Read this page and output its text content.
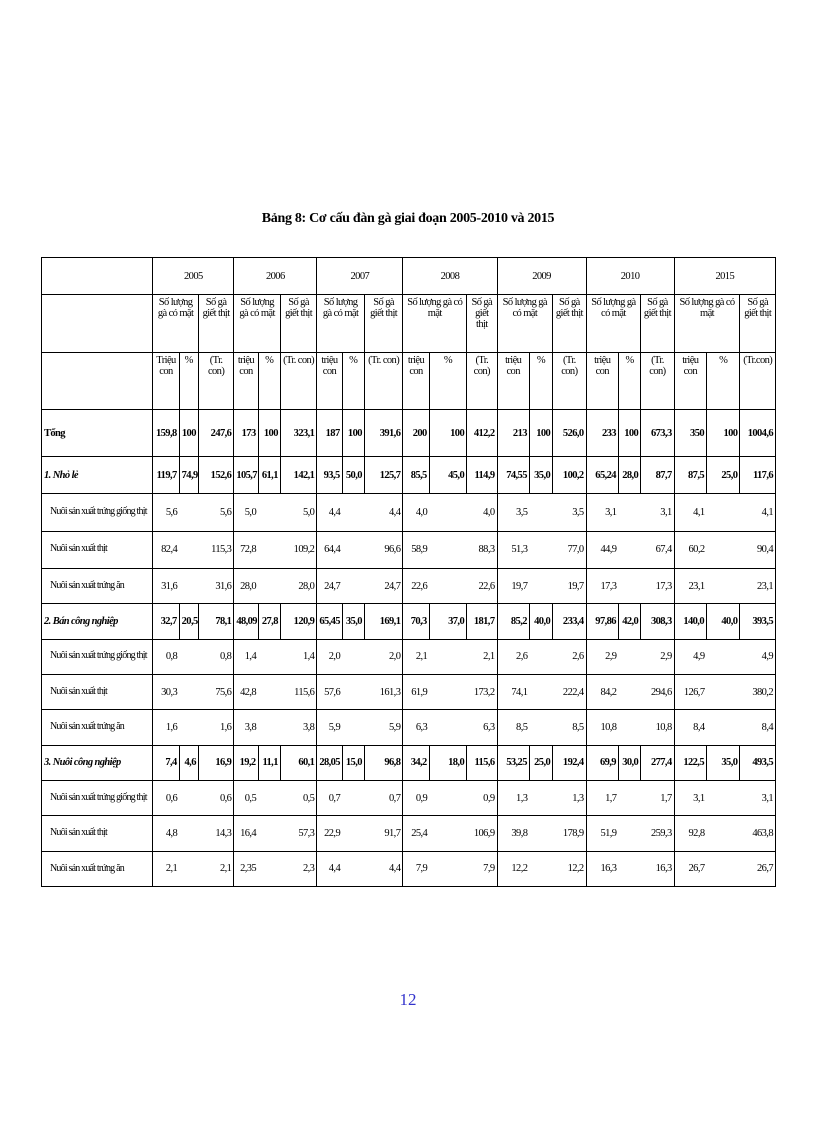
Bảng 8: Cơ cấu đàn gà giai đoạn 2005-2010 và 2015
	2005			2006			2007			2008			2009			2010			2015		
	Số lượng gà có mặt		Số gà giết thịt	Số lượng gà có mặt		Số gà giết thịt	Số lượng gà có mặt		Số gà giết thịt	Số lượng gà có mặt		Số gà giết thịt	Số lượng gà có mặt		Số gà giết thịt	Số lượng gà có mặt		Số gà giết thịt	Số lượng gà có mặt		Số gà giết thịt
	Triệu con	%	(Tr. con)	triệu con	%	(Tr. con)	triệu con	%	(Tr. con)	triệu con	%	(Tr. con)	triệu con	%	(Tr. con)	triệu con	%	(Tr. con)	triệu con	%	(Tr.con)
Tổng	159,8	100	247,6	173	100	323,1	187	100	391,6	200	100	412,2	213	100	526,0	233	100	673,3	350	100	1004,6
1. Nhỏ lẻ	119,7	74,9	152,6	105,7	61,1	142,1	93,5	50,0	125,7	85,5	45,0	114,9	74,55	35,0	100,2	65,24	28,0	87,7	87,5	25,0	117,6
Nuôi sản xuất trứng giống thịt	5,6		5,6	5,0		5,0	4,4		4,4	4,0		4,0	3,5		3,5	3,1		3,1	4,1		4,1
Nuôi sản xuất thịt	82,4		115,3	72,8		109,2	64,4		96,6	58,9		88,3	51,3		77,0	44,9		67,4	60,2		90,4
Nuôi sản xuất trứng ăn	31,6		31,6	28,0		28,0	24,7		24,7	22,6		22,6	19,7		19,7	17,3		17,3	23,1		23,1
2. Bán công nghiệp	32,7	20,5	78,1	48,09	27,8	120,9	65,45	35,0	169,1	70,3	37,0	181,7	85,2	40,0	233,4	97,86	42,0	308,3	140,0	40,0	393,5
Nuôi sản xuất trứng giống thịt	0,8		0,8	1,4		1,4	2,0		2,0	2,1		2,1	2,6		2,6	2,9		2,9	4,9		4,9
Nuôi sản xuất thịt	30,3		75,6	42,8		115,6	57,6		161,3	61,9		173,2	74,1		222,4	84,2		294,6	126,7		380,2
Nuôi sản xuất trứng ăn	1,6		1,6	3,8		3,8	5,9		5,9	6,3		6,3	8,5		8,5	10,8		10,8	8,4		8,4
3. Nuôi công nghiệp	7,4	4,6	16,9	19,2	11,1	60,1	28,05	15,0	96,8	34,2	18,0	115,6	53,25	25,0	192,4	69,9	30,0	277,4	122,5	35,0	493,5
Nuôi sản xuất trứng giống thịt	0,6		0,6	0,5		0,5	0,7		0,7	0,9		0,9	1,3		1,3	1,7		1,7	3,1		3,1
Nuôi sản xuất thịt	4,8		14,3	16,4		57,3	22,9		91,7	25,4		106,9	39,8		178,9	51,9		259,3	92,8		463,8
Nuôi sản xuất trứng ăn	2,1		2,1	2,35		2,3	4,4		4,4	7,9		7,9	12,2		12,2	16,3		16,3	26,7		26,7
12
